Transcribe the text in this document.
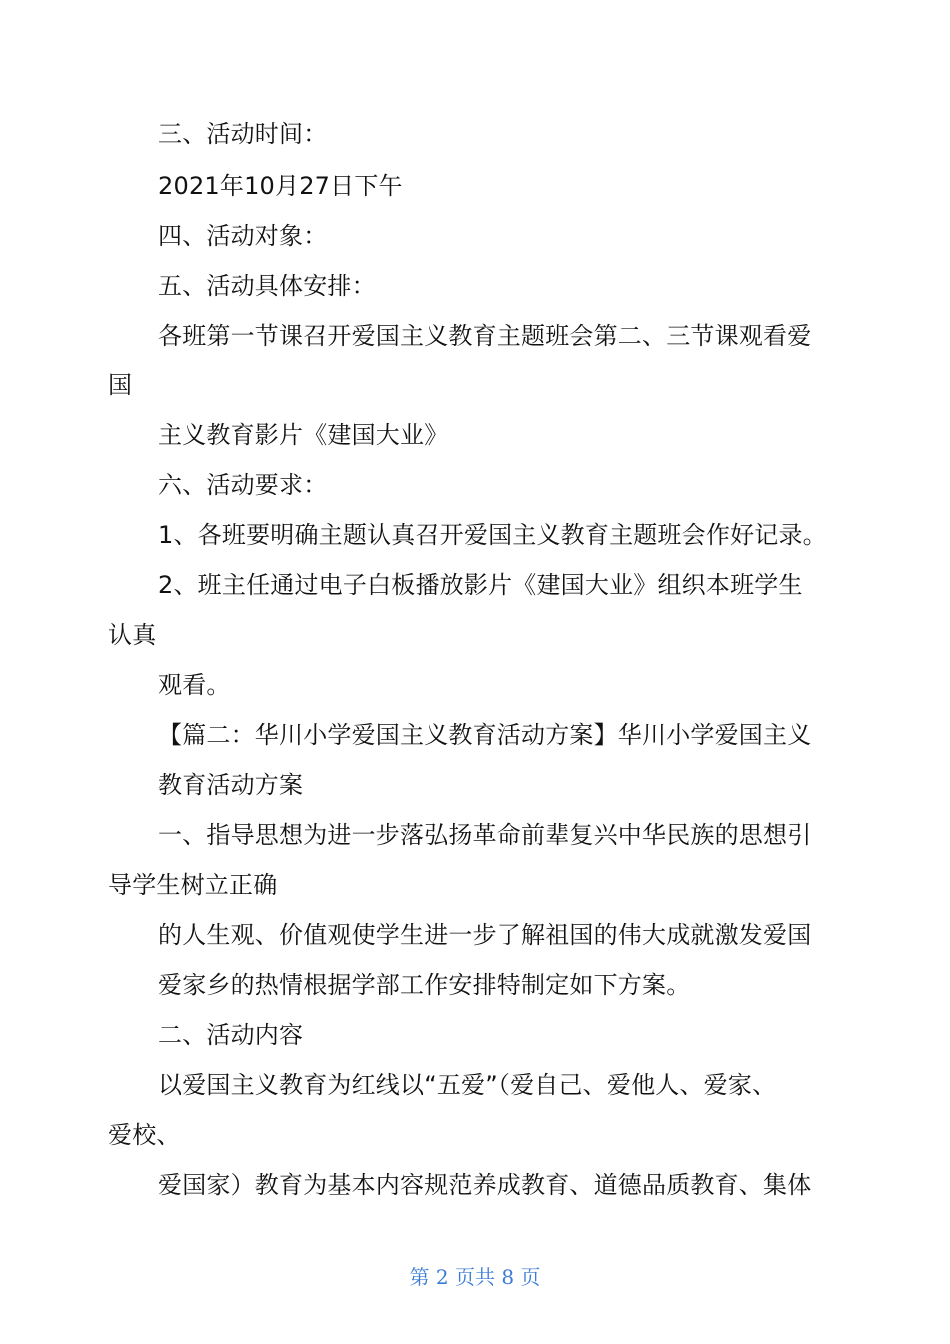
三、活动时间：
2021年10月27日下午
四、活动对象：
五、活动具体安排：
各班第一节课召开爱国主义教育主题班会第二、三节课观看爱
国
主义教育影片《建国大业》
六、活动要求：
1、各班要明确主题认真召开爱国主义教育主题班会作好记录。
2、班主任通过电子白板播放影片《建国大业》组织本班学生
认真
观看。
【篇二：华川小学爱国主义教育活动方案】华川小学爱国主义
教育活动方案
一、指导思想为进一步落弘扬革命前辈复兴中华民族的思想引
导学生树立正确
的人生观、价值观使学生进一步了解祖国的伟大成就激发爱国
爱家乡的热情根据学部工作安排特制定如下方案。
二、活动内容
以爱国主义教育为红线以“五爱”（爱自己、爱他人、爱家、
爱校、
爱国家）教育为基本内容规范养成教育、道德品质教育、集体
第 2 页共 8 页
